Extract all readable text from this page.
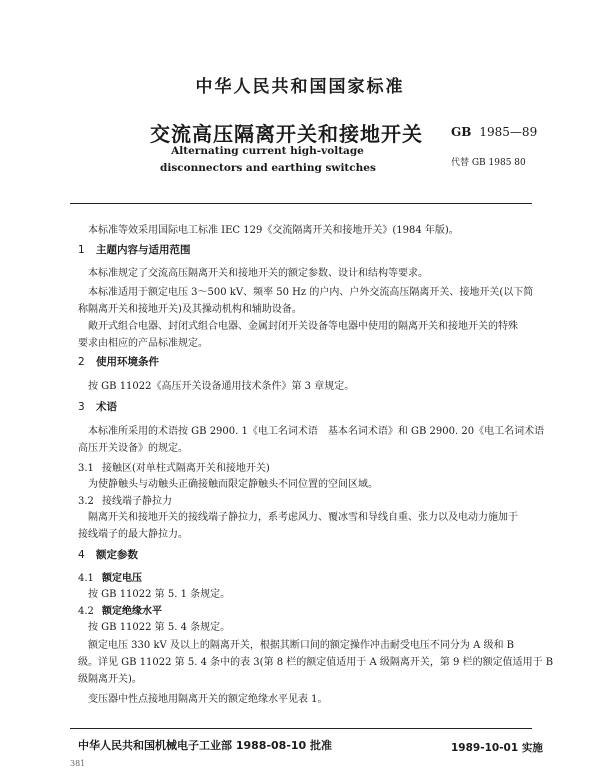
中华人民共和国国家标准
交流高压隔离开关和接地开关 GB 1985—89
Alternating current high-voltage
disconnectors and earthing switches	代替 GB 1985 80
本标准等效采用国际电工标准 IEC 129《交流隔离开关和接地开关》(1984 年版)。
1 主题内容与适用范围
本标准规定了交流高压隔离开关和接地开关的额定参数、设计和结构等要求。
本标准适用于额定电压 3～500 kV、频率 50 Hz 的户内、户外交流高压隔离开关、接地开关(以下简
称隔离开关和接地开关)及其操动机构和辅助设备。
敞开式组合电器、封闭式组合电器、金属封闭开关设备等电器中使用的隔离开关和接地开关的特殊
要求由相应的产品标准规定。
2 使用环境条件
按 GB 11022《高压开关设备通用技术条件》第 3 章规定。
3 术语
本标准所采用的术语按 GB 2900. 1《电工名词术语　基本名词术语》和 GB 2900. 20《电工名词术语
高压开关设备》的规定。
3.1 接触区(对单柱式隔离开关和接地开关)
为使静触头与动触头正确接触而限定静触头不同位置的空间区域。
3.2 接线端子静拉力
隔离开关和接地开关的接线端子静拉力，系考虑风力、覆冰雪和导线自重、张力以及电动力施加于
接线端子的最大静拉力。
4 额定参数
4.1 额定电压
按 GB 11022 第 5. 1 条规定。
4.2 额定绝缘水平
按 GB 11022 第 5. 4 条规定。
额定电压 330 kV 及以上的隔离开关，根据其断口间的额定操作冲击耐受电压不同分为 A 级和 B
级。详见 GB 11022 第 5. 4 条中的表 3(第 8 栏的额定值适用于 A 级隔离开关，第 9 栏的额定值适用于 B
级隔离开关)。
变压器中性点接地用隔离开关的额定绝缘水平见表 1。
中华人民共和国机械电子工业部 1988-08-10 批准	1989-10-01 实施
381
